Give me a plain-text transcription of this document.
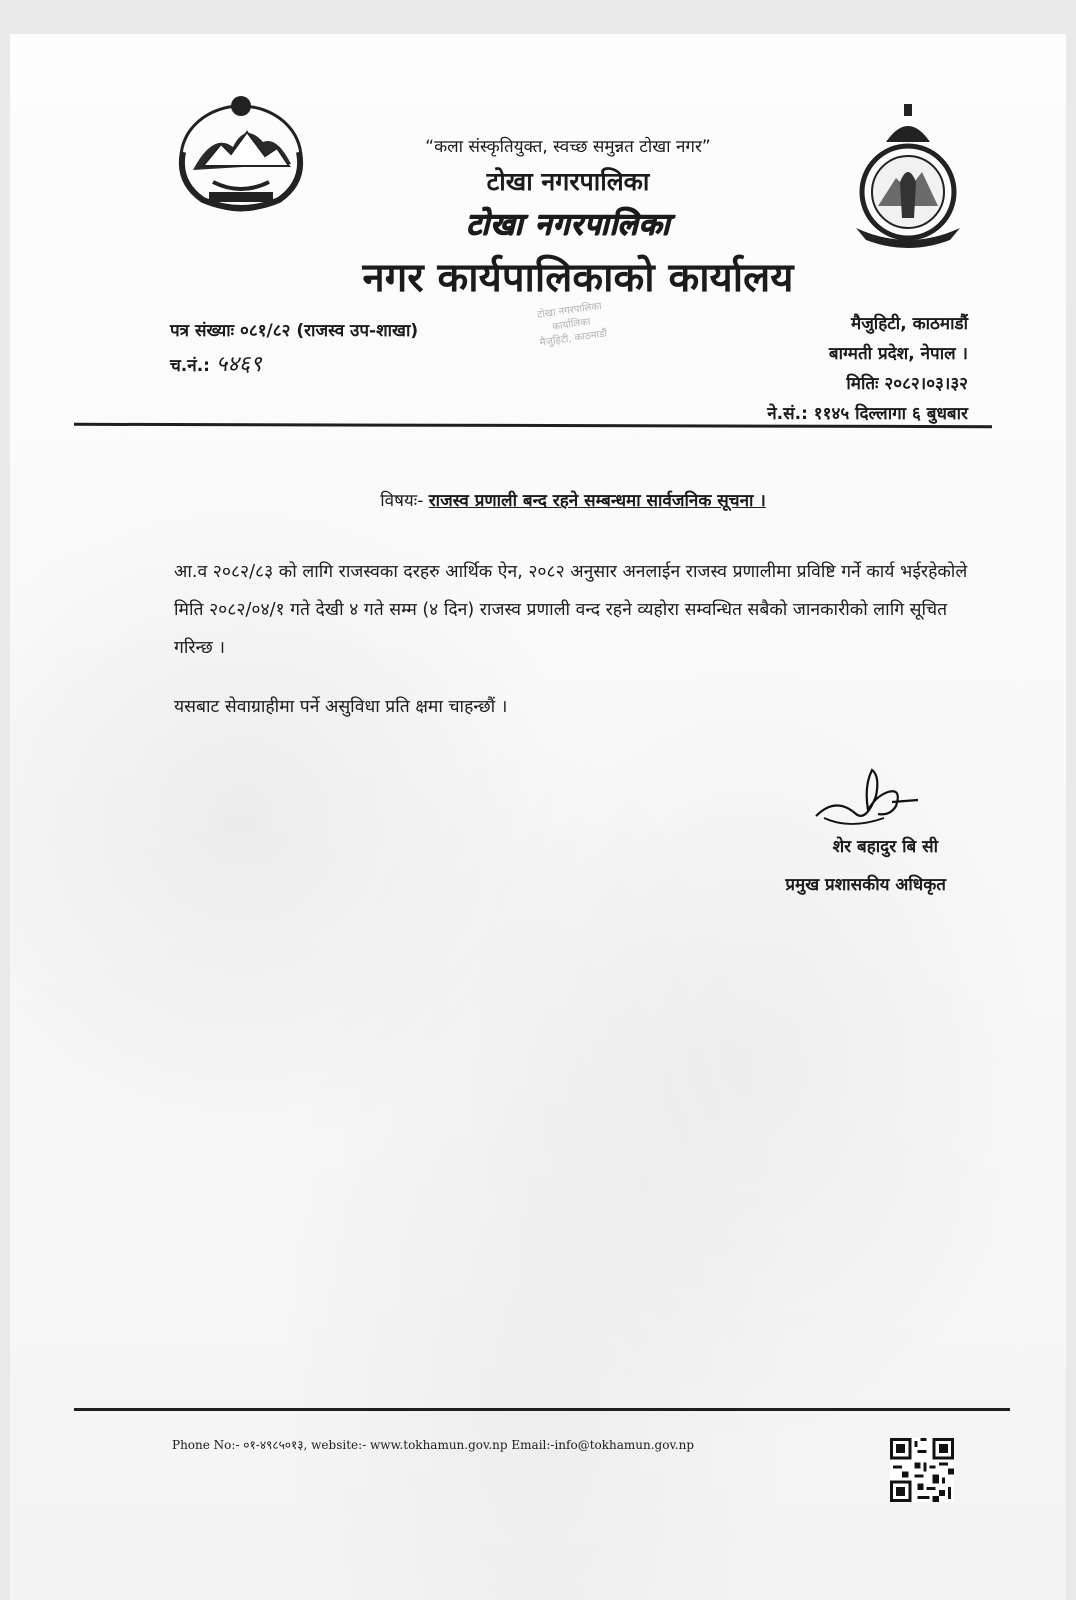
“कला संस्कृतियुक्त, स्वच्छ समुन्नत टोखा नगर”
टोखा नगरपालिका
टोखा नगरपालिका
नगर कार्यपालिकाको कार्यालय
टोखा नगरपालिका
कार्यालिका
मैजुहिटी, काठमाडौं
पत्र संख्याः ०८१/८२ (राजस्व उप-शाखा)
च.नं.: ५४६९
मैजुहिटी, काठमाडौं
बाग्मती प्रदेश, नेपाल ।
मितिः २०८२।०३।३२
ने.सं.: ११४५ दिल्लागा ६ बुधबार
विषयः- राजस्व प्रणाली बन्द रहने सम्बन्धमा सार्वजनिक सूचना ।
आ.व २०८२/८३ को लागि राजस्वका दरहरु आर्थिक ऐन, २०८२ अनुसार अनलाईन राजस्व प्रणालीमा प्रविष्टि गर्ने कार्य भईरहेकोले मिति २०८२/०४/१ गते देखी ४ गते सम्म (४ दिन) राजस्व प्रणाली वन्द रहने व्यहोरा सम्वन्धित सबैको जानकारीको लागि सूचित गरिन्छ ।
यसबाट सेवाग्राहीमा पर्ने असुविधा प्रति क्षमा चाहन्छौं ।
शेर बहादुर बि सी
प्रमुख प्रशासकीय अधिकृत
Phone No:- ०१-४९८५०१३, website:- www.tokhamun.gov.np Email:-info@tokhamun.gov.np
